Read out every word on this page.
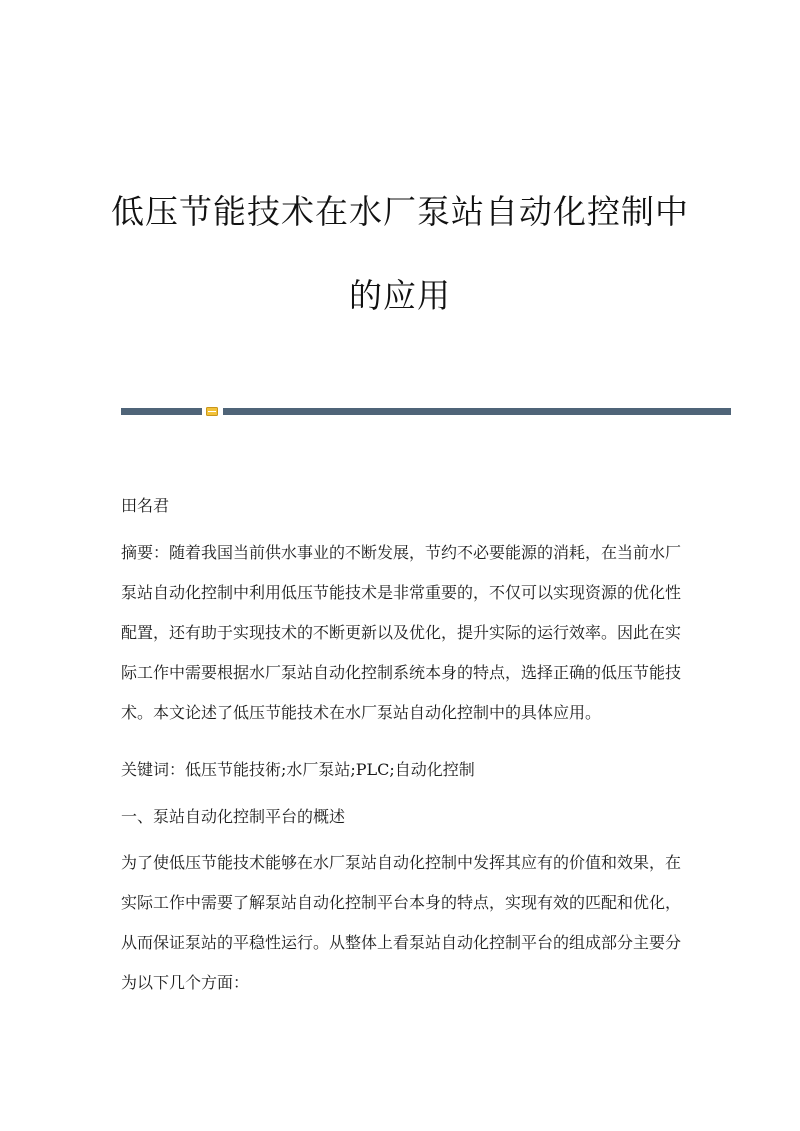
低压节能技术在水厂泵站自动化控制中
的应用

田名君

摘要：随着我国当前供水事业的不断发展，节约不必要能源的消耗，在当前水厂泵站自动化控制中利用低压节能技术是非常重要的，不仅可以实现资源的优化性配置，还有助于实现技术的不断更新以及优化，提升实际的运行效率。因此在实际工作中需要根据水厂泵站自动化控制系统本身的特点，选择正确的低压节能技术。本文论述了低压节能技术在水厂泵站自动化控制中的具体应用。

关键词：低压节能技術;水厂泵站;PLC;自动化控制

一、泵站自动化控制平台的概述

为了使低压节能技术能够在水厂泵站自动化控制中发挥其应有的价值和效果，在实际工作中需要了解泵站自动化控制平台本身的特点，实现有效的匹配和优化，从而保证泵站的平稳性运行。从整体上看泵站自动化控制平台的组成部分主要分为以下几个方面：
